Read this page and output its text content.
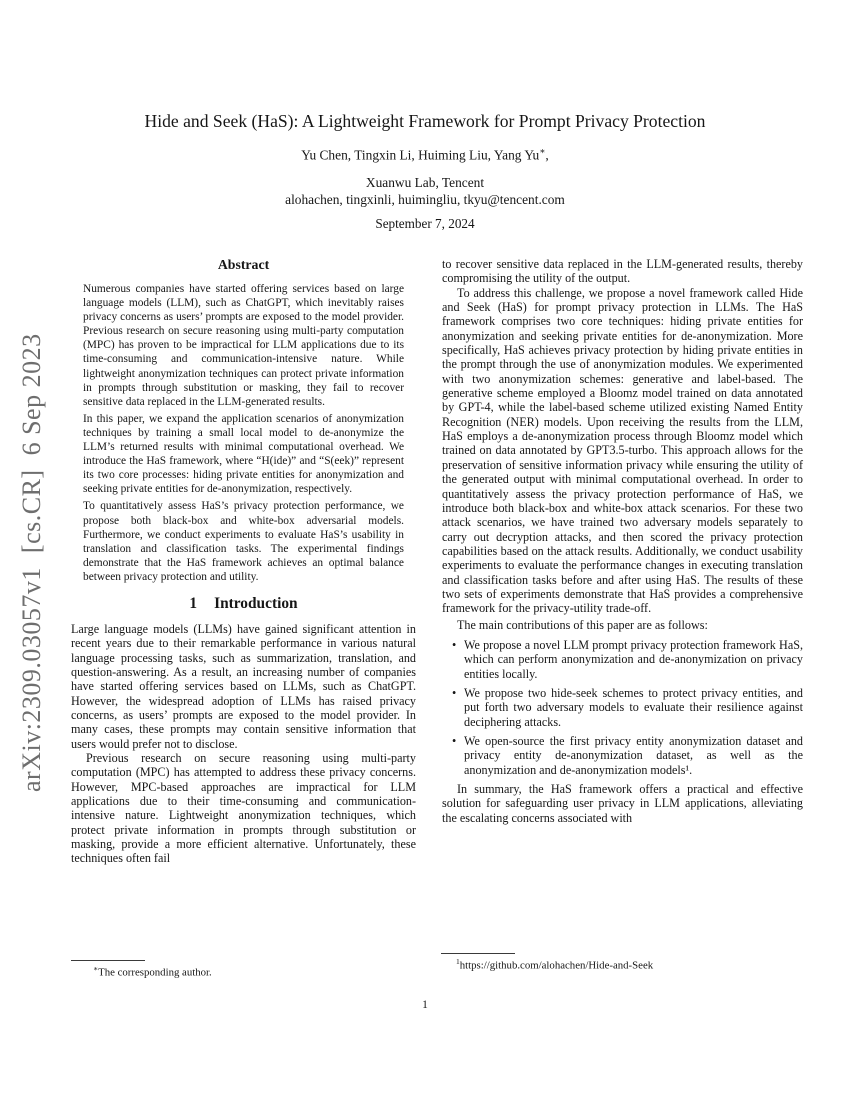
arXiv:2309.03057v1  [cs.CR]  6 Sep 2023
Hide and Seek (HaS): A Lightweight Framework for Prompt Privacy Protection
Yu Chen, Tingxin Li, Huiming Liu, Yang Yu∗,
Xuanwu Lab, Tencent
alohachen, tingxinli, huimingliu, tkyu@tencent.com
September 7, 2024
Abstract

Numerous companies have started offering services based on large language models (LLM), such as ChatGPT, which inevitably raises privacy concerns as users’ prompts are exposed to the model provider. Previous research on secure reasoning using multi-party computation (MPC) has proven to be impractical for LLM applications due to its time-consuming and communication-intensive nature. While lightweight anonymization techniques can protect private information in prompts through substitution or masking, they fail to recover sensitive data replaced in the LLM-generated results.

In this paper, we expand the application scenarios of anonymization techniques by training a small local model to de-anonymize the LLM’s returned results with minimal computational overhead. We introduce the HaS framework, where “H(ide)” and “S(eek)” represent its two core processes: hiding private entities for anonymization and seeking private entities for de-anonymization, respectively.

To quantitatively assess HaS’s privacy protection performance, we propose both black-box and white-box adversarial models. Furthermore, we conduct experiments to evaluate HaS’s usability in translation and classification tasks. The experimental findings demonstrate that the HaS framework achieves an optimal balance between privacy protection and utility.

1 Introduction

Large language models (LLMs) have gained significant attention in recent years due to their remarkable performance in various natural language processing tasks, such as summarization, translation, and question-answering. As a result, an increasing number of companies have started offering services based on LLMs, such as ChatGPT. However, the widespread adoption of LLMs has raised privacy concerns, as users’ prompts are exposed to the model provider. In many cases, these prompts may contain sensitive information that users would prefer not to disclose.

Previous research on secure reasoning using multi-party computation (MPC) has attempted to address these privacy concerns. However, MPC-based approaches are impractical for LLM applications due to their time-consuming and communication-intensive nature. Lightweight anonymization techniques, which protect private information in prompts through substitution or masking, provide a more efficient alternative. Unfortunately, these techniques often fail

to recover sensitive data replaced in the LLM-generated results, thereby compromising the utility of the output.

To address this challenge, we propose a novel framework called Hide and Seek (HaS) for prompt privacy protection in LLMs. The HaS framework comprises two core techniques: hiding private entities for anonymization and seeking private entities for de-anonymization. More specifically, HaS achieves privacy protection by hiding private entities in the prompt through the use of anonymization modules. We experimented with two anonymization schemes: generative and label-based. The generative scheme employed a Bloomz model trained on data annotated by GPT-4, while the label-based scheme utilized existing Named Entity Recognition (NER) models. Upon receiving the results from the LLM, HaS employs a de-anonymization process through Bloomz model which trained on data annotated by GPT3.5-turbo. This approach allows for the preservation of sensitive information privacy while ensuring the utility of the generated output with minimal computational overhead. In order to quantitatively assess the privacy protection performance of HaS, we introduce both black-box and white-box attack scenarios. For these two attack scenarios, we have trained two adversary models separately to carry out decryption attacks, and then scored the privacy protection capabilities based on the attack results. Additionally, we conduct usability experiments to evaluate the performance changes in executing translation and classification tasks before and after using HaS. The results of these two sets of experiments demonstrate that HaS provides a comprehensive framework for the privacy-utility trade-off.

The main contributions of this paper are as follows:

• We propose a novel LLM prompt privacy protection framework HaS, which can perform anonymization and de-anonymization on privacy entities locally.
• We propose two hide-seek schemes to protect privacy entities, and put forth two adversary models to evaluate their resilience against deciphering attacks.
• We open-source the first privacy entity anonymization dataset and privacy entity de-anonymization dataset, as well as the anonymization and de-anonymization models¹.

In summary, the HaS framework offers a practical and effective solution for safeguarding user privacy in LLM applications, alleviating the escalating concerns associated with

∗The corresponding author.
$^1$https://github.com/alohachen/Hide-and-Seek
1
